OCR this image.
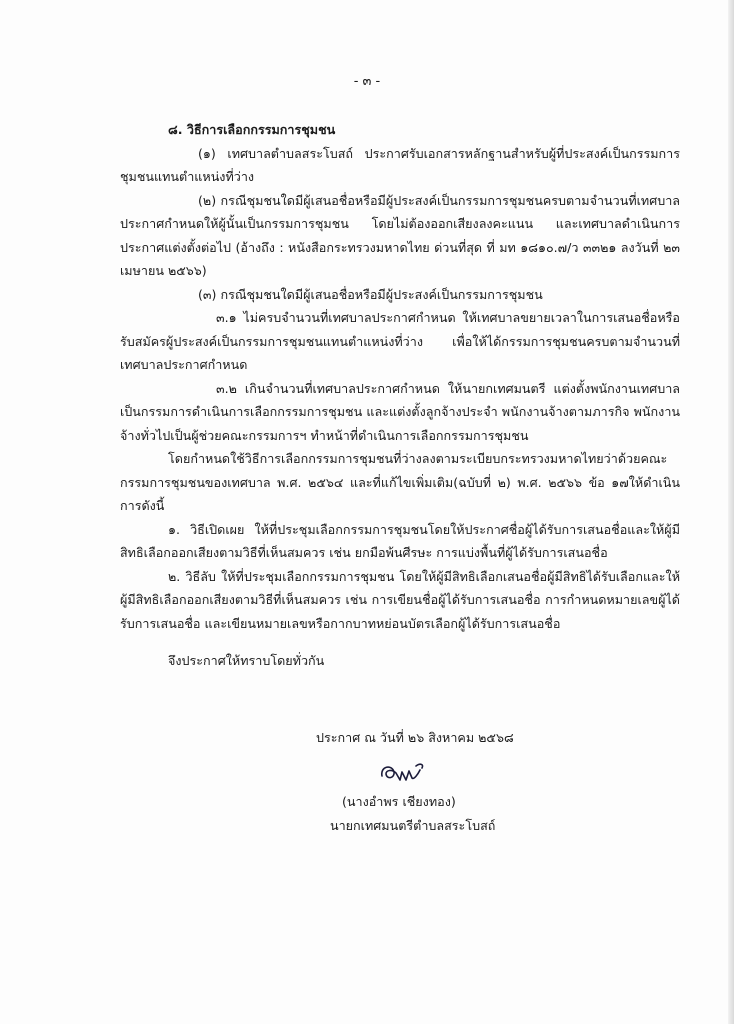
- ๓ -

๘. วิธีการเลือกกรรมการชุมชน

(๑) เทศบาลตำบลสระโบสถ์ ประกาศรับเอกสารหลักฐานสำหรับผู้ที่ประสงค์เป็นกรรมการชุมชนแทนตำแหน่งที่ว่าง

(๒) กรณีชุมชนใดมีผู้เสนอชื่อหรือมีผู้ประสงค์เป็นกรรมการชุมชนครบตามจำนวนที่เทศบาลประกาศกำหนดให้ผู้นั้นเป็นกรรมการชุมชน โดยไม่ต้องออกเสียงลงคะแนน และเทศบาลดำเนินการประกาศแต่งตั้งต่อไป (อ้างถึง : หนังสือกระทรวงมหาดไทย ด่วนที่สุด ที่ มท ๑๘๑๐.๗/ว ๓๓๒๑ ลงวันที่ ๒๓ เมษายน ๒๕๖๖)

(๓) กรณีชุมชนใดมีผู้เสนอชื่อหรือมีผู้ประสงค์เป็นกรรมการชุมชน

๓.๑ ไม่ครบจำนวนที่เทศบาลประกาศกำหนด ให้เทศบาลขยายเวลาในการเสนอชื่อหรือรับสมัครผู้ประสงค์เป็นกรรมการชุมชนแทนตำแหน่งที่ว่าง เพื่อให้ได้กรรมการชุมชนครบตามจำนวนที่ เทศบาลประกาศกำหนด

๓.๒ เกินจำนวนที่เทศบาลประกาศกำหนด ให้นายกเทศมนตรี แต่งตั้งพนักงานเทศบาลเป็นกรรมการดำเนินการเลือกกรรมการชุมชน และแต่งตั้งลูกจ้างประจำ พนักงานจ้างตามภารกิจ พนักงานจ้างทั่วไปเป็นผู้ช่วยคณะกรรมการฯ ทำหน้าที่ดำเนินการเลือกกรรมการชุมชน

โดยกำหนดใช้วิธีการเลือกกรรมการชุมชนที่ว่างลงตามระเบียบกระทรวงมหาดไทยว่าด้วยคณะกรรมการชุมชนของเทศบาล พ.ศ. ๒๕๖๔ และที่แก้ไขเพิ่มเติม(ฉบับที่ ๒) พ.ศ. ๒๕๖๖ ข้อ ๑๗ให้ดำเนินการดังนี้

๑. วิธีเปิดเผย ให้ที่ประชุมเลือกกรรมการชุมชนโดยให้ประกาศชื่อผู้ได้รับการเสนอชื่อและให้ผู้มีสิทธิเลือกออกเสียงตามวิธีที่เห็นสมควร เช่น ยกมือพ้นศีรษะ การแบ่งพื้นที่ผู้ได้รับการเสนอชื่อ

๒. วิธีลับ ให้ที่ประชุมเลือกกรรมการชุมชน โดยให้ผู้มีสิทธิเลือกเสนอชื่อผู้มีสิทธิได้รับเลือกและให้ผู้มีสิทธิเลือกออกเสียงตามวิธีที่เห็นสมควร เช่น การเขียนชื่อผู้ได้รับการเสนอชื่อ การกำหนดหมายเลขผู้ได้รับการเสนอชื่อ และเขียนหมายเลขหรือกากบาทหย่อนบัตรเลือกผู้ได้รับการเสนอชื่อ

จึงประกาศให้ทราบโดยทั่วกัน

ประกาศ ณ วันที่ ๒๖ สิงหาคม ๒๕๖๘
(นางอำพร เชียงทอง)
นายกเทศมนตรีตำบลสระโบสถ์
